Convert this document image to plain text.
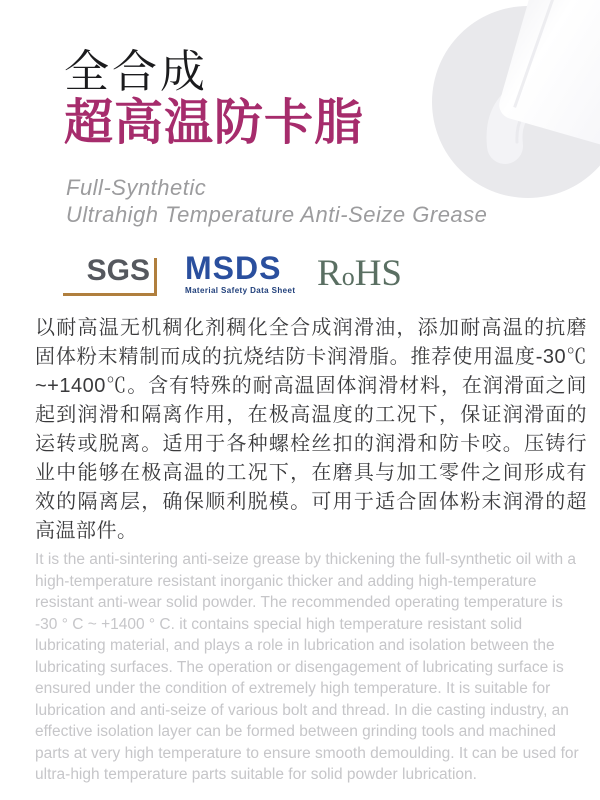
全合成
超高温防卡脂
Full-Synthetic
Ultrahigh Temperature Anti-Seize Grease
SGS MSDS
Material Safety Data Sheet RoHS
以耐高温无机稠化剂稠化全合成润滑油，添加耐高温的抗磨固体粉末精制而成的抗烧结防卡润滑脂。推荐使用温度-30℃ ~+1400℃。含有特殊的耐高温固体润滑材料，在润滑面之间起到润滑和隔离作用，在极高温度的工况下，保证润滑面的运转或脱离。适用于各种螺栓丝扣的润滑和防卡咬。压铸行业中能够在极高温的工况下，在磨具与加工零件之间形成有效的隔离层，确保顺利脱模。可用于适合固体粉末润滑的超高温部件。
It is the anti-sintering anti-seize grease by thickening the full-synthetic oil with a high-temperature resistant inorganic thicker and adding high-temperature resistant anti-wear solid powder. The recommended operating temperature is -30 ° C ~ +1400 ° C. it contains special high temperature resistant solid lubricating material, and plays a role in lubrication and isolation between the lubricating surfaces. The operation or disengagement of lubricating surface is ensured under the condition of extremely high temperature. It is suitable for lubrication and anti-seize of various bolt and thread. In die casting industry, an effective isolation layer can be formed between grinding tools and machined parts at very high temperature to ensure smooth demoulding. It can be used for ultra-high temperature parts suitable for solid powder lubrication.
